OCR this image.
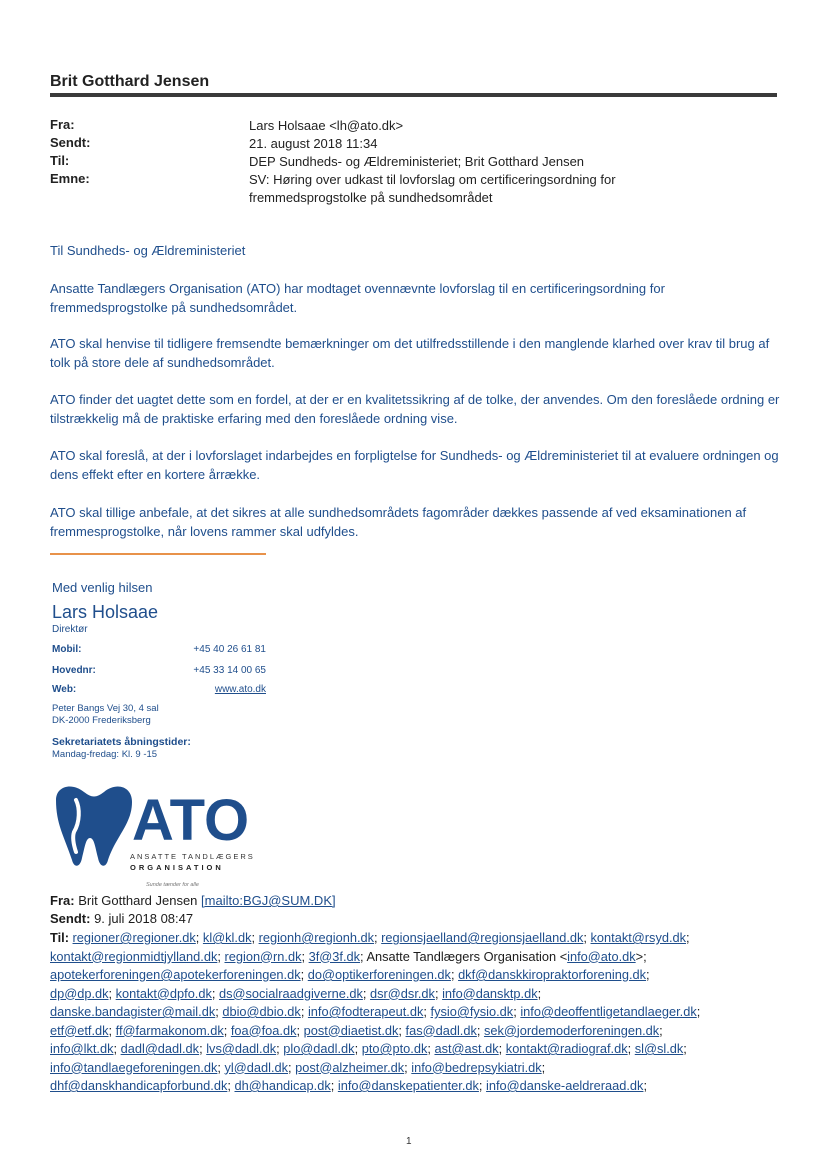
Brit Gotthard Jensen
Fra:	Lars Holsaae <lh@ato.dk>
Sendt:	21. august 2018 11:34
Til:	DEP Sundheds- og Ældreministeriet; Brit Gotthard Jensen
Emne:	SV: Høring over udkast til lovforslag om certificeringsordning for
fremmedsprogstolke på sundhedsområdet
Til Sundheds- og Ældreministeriet
Ansatte Tandlægers Organisation (ATO) har modtaget ovennævnte lovforslag til en certificeringsordning for fremmedsprogstolke på sundhedsområdet.
ATO skal henvise til tidligere fremsendte bemærkninger om det utilfredsstillende i den manglende klarhed over krav til brug af tolk på store dele af sundhedsområdet.
ATO finder det uagtet dette som en fordel, at der er en kvalitetssikring af de tolke, der anvendes. Om den foreslåede ordning er tilstrækkelig må de praktiske erfaring med den foreslåede ordning vise.
ATO skal foreslå, at der i lovforslaget indarbejdes en forpligtelse for Sundheds- og Ældreministeriet til at evaluere ordningen og dens effekt efter en kortere årrække.
ATO skal tillige anbefale, at det sikres at alle sundhedsområdets fagområder dækkes passende af ved eksaminationen af fremmesprogstolke, når lovens rammer skal udfyldes.
Med venlig hilsen
Lars Holsaae
Direktør
Mobil:	+45 40 26 61 81
Hovednr:	+45 33 14 00 65
Web:	www.ato.dk
Peter Bangs Vej 30, 4 sal
DK-2000 Frederiksberg
Sekretariatets åbningstider:
Mandag-fredag: Kl. 9 -15
ATO
ANSATTE TANDLÆGERS
ORGANISATION
Sunde tænder for alle
Fra: Brit Gotthard Jensen [mailto:BGJ@SUM.DK]
Sendt: 9. juli 2018 08:47
Til: regioner@regioner.dk; kl@kl.dk; regionh@regionh.dk; regionsjaelland@regionsjaelland.dk; kontakt@rsyd.dk;
kontakt@regionmidtjylland.dk; region@rn.dk; 3f@3f.dk; Ansatte Tandlægers Organisation <info@ato.dk>;
apotekerforeningen@apotekerforeningen.dk; do@optikerforeningen.dk; dkf@danskkiropraktorforening.dk;
dp@dp.dk; kontakt@dpfo.dk; ds@socialraadgiverne.dk; dsr@dsr.dk; info@dansktp.dk;
danske.bandagister@mail.dk; dbio@dbio.dk; info@fodterapeut.dk; fysio@fysio.dk; info@deoffentligetandlaeger.dk;
etf@etf.dk; ff@farmakonom.dk; foa@foa.dk; post@diaetist.dk; fas@dadl.dk; sek@jordemoderforeningen.dk;
info@lkt.dk; dadl@dadl.dk; lvs@dadl.dk; plo@dadl.dk; pto@pto.dk; ast@ast.dk; kontakt@radiograf.dk; sl@sl.dk;
info@tandlaegeforeningen.dk; yl@dadl.dk; post@alzheimer.dk; info@bedrepsykiatri.dk;
dhf@danskhandicapforbund.dk; dh@handicap.dk; info@danskepatienter.dk; info@danske-aeldreraad.dk;
1
